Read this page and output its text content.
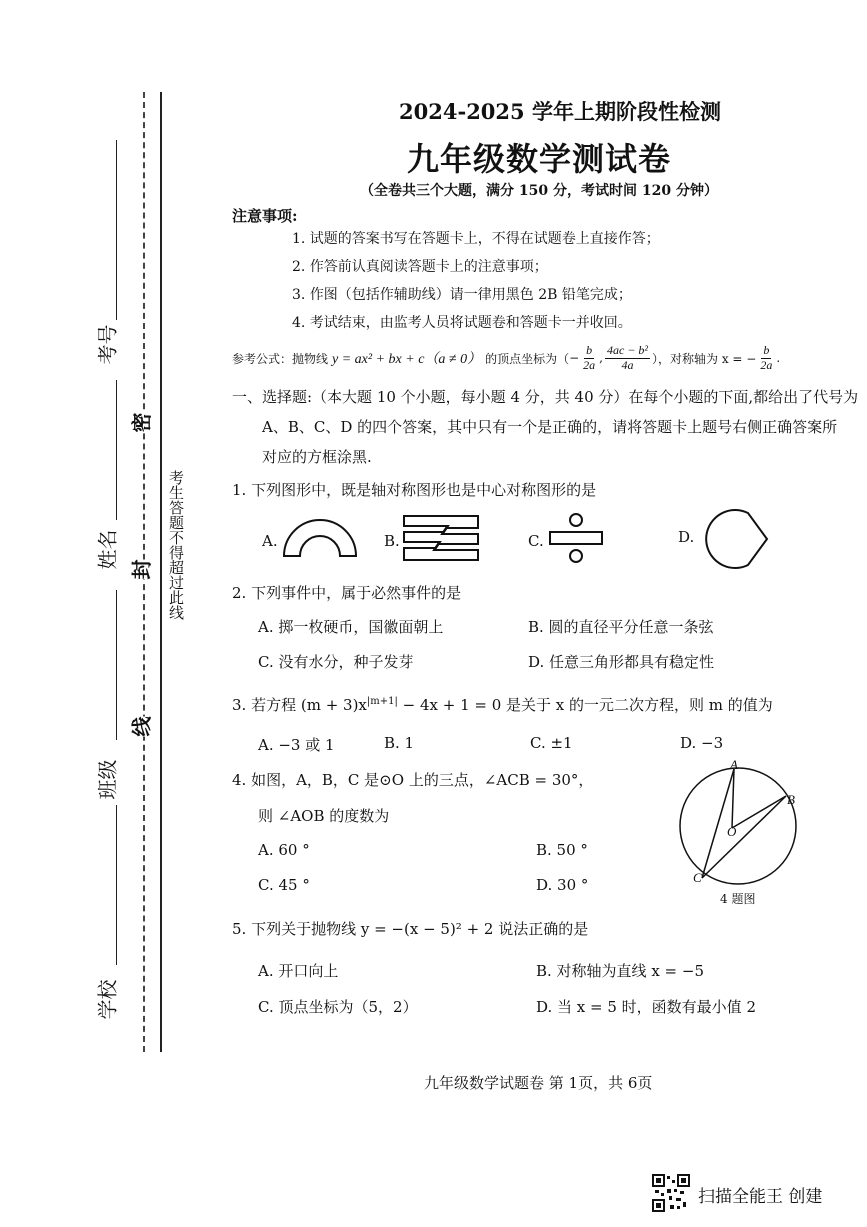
考号
姓名
班级
学校
密
封
线
考生答题不得超过此线
2024-2025 学年上期阶段性检测
九年级数学测试卷
（全卷共三个大题，满分 150 分，考试时间 120 分钟）
注意事项:
1. 试题的答案书写在答题卡上，不得在试题卷上直接作答；
2. 作答前认真阅读答题卡上的注意事项；
3. 作图（包括作辅助线）请一律用黑色 2B 铅笔完成；
4. 考试结束，由监考人员将试题卷和答题卡一并收回。
参考公式：抛物线 y = ax² + bx + c（a ≠ 0） 的顶点坐标为（ − $\frac{b}{2a}$ , $\frac{\text{4ac − b²}}{4a}$ ），对称轴为 x = − $\frac{b}{2a}$ .
一、选择题:（本大题 10 个小题，每小题 4 分，共 40 分）在每个小题的下面,都给出了代号为
A、B、C、D 的四个答案，其中只有一个是正确的，请将答题卡上题号右侧正确答案所
对应的方框涂黑.
1. 下列图形中，既是轴对称图形也是中心对称图形的是
A.	B.	C.	D.
2. 下列事件中，属于必然事件的是
A. 掷一枚硬币，国徽面朝上	B. 圆的直径平分任意一条弦
C. 没有水分，种子发芽	D. 任意三角形都具有稳定性
3. 若方程 $(m + 3)x^{|m+1|} - 4x + 1 = 0$ 是关于 x 的一元二次方程，则 m 的值为
A. −3 或 1	B. 1	C. ±1	D. −3
4. 如图，A，B，C 是⊙O 上的三点，∠ACB = 30°，
则 ∠AOB 的度数为
A. 60 °	B. 50 °
C. 45 °	D. 30 °
A
B
C
O
4 题图
5. 下列关于抛物线 y = −(x − 5)² + 2 说法正确的是
A. 开口向上	B. 对称轴为直线 x = −5
C. 顶点坐标为（5，2）	D. 当 x = 5 时，函数有最小值 2
九年级数学试题卷 第 1页，共 6页
扫描全能王 创建
